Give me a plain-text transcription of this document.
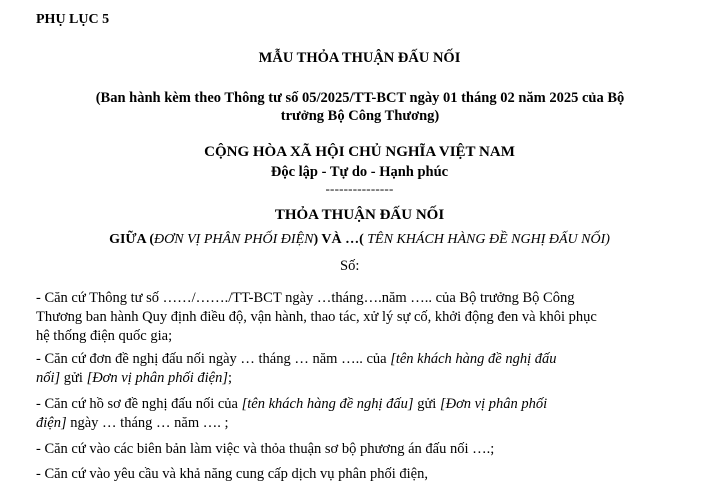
PHỤ LỤC 5
MẪU THỎA THUẬN ĐẤU NỐI
(Ban hành kèm theo Thông tư số 05/2025/TT-BCT ngày 01 tháng 02 năm 2025 của Bộ
trưởng Bộ Công Thương)
CỘNG HÒA XÃ HỘI CHỦ NGHĨA VIỆT NAM
Độc lập - Tự do - Hạnh phúc
---------------
THỎA THUẬN ĐẤU NỐI
GIỮA (ĐƠN VỊ PHÂN PHỐI ĐIỆN) VÀ …( TÊN KHÁCH HÀNG ĐỀ NGHỊ ĐẤU NỐI)
Số:
- Căn cứ Thông tư số ……/……./TT-BCT ngày …tháng….năm ….. của Bộ trưởng Bộ Công
Thương ban hành Quy định điều độ, vận hành, thao tác, xử lý sự cố, khởi động đen và khôi phục
hệ thống điện quốc gia;
- Căn cứ đơn đề nghị đấu nối ngày … tháng … năm ….. của [tên khách hàng đề nghị đấu
nối] gửi [Đơn vị phân phối điện];
- Căn cứ hồ sơ đề nghị đấu nối của [tên khách hàng đề nghị đấu] gửi [Đơn vị phân phối
điện] ngày … tháng … năm …. ;
- Căn cứ vào các biên bản làm việc và thỏa thuận sơ bộ phương án đấu nối ….;
- Căn cứ vào yêu cầu và khả năng cung cấp dịch vụ phân phối điện,
